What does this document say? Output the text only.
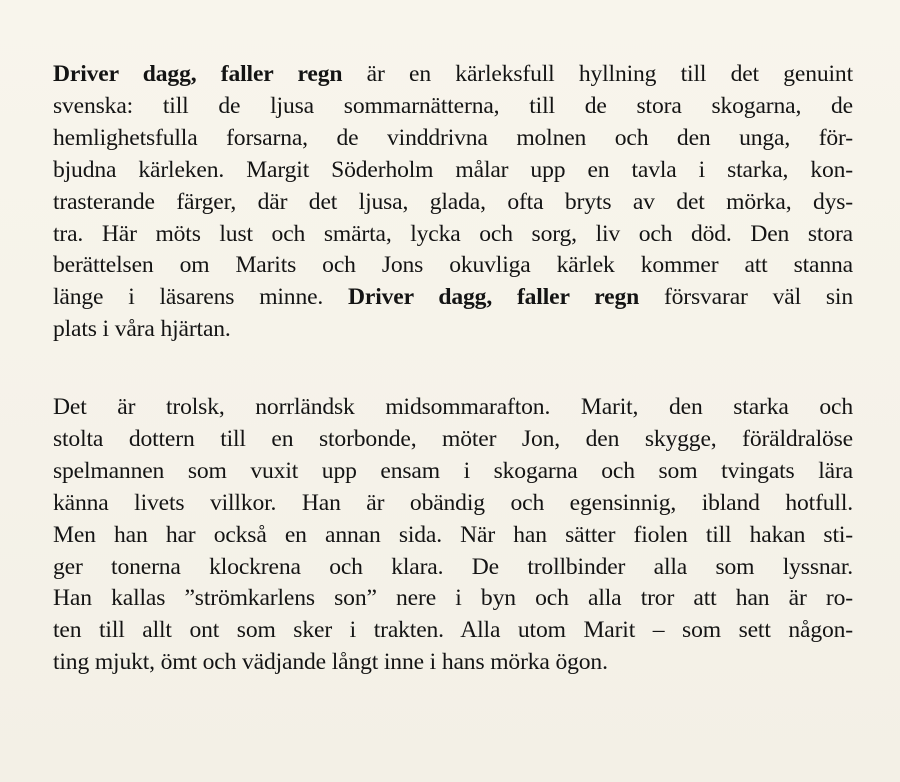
Driver dagg, faller regn är en kärleksfull hyllning till det genuint
svenska: till de ljusa sommarnätterna, till de stora skogarna, de
hemlighetsfulla forsarna, de vinddrivna molnen och den unga, för-
bjudna kärleken. Margit Söderholm målar upp en tavla i starka, kon-
trasterande färger, där det ljusa, glada, ofta bryts av det mörka, dys-
tra. Här möts lust och smärta, lycka och sorg, liv och död. Den stora
berättelsen om Marits och Jons okuvliga kärlek kommer att stanna
länge i läsarens minne. Driver dagg, faller regn försvarar väl sin
plats i våra hjärtan.
Det är trolsk, norrländsk midsommarafton. Marit, den starka och
stolta dottern till en storbonde, möter Jon, den skygge, föräldralöse
spelmannen som vuxit upp ensam i skogarna och som tvingats lära
känna livets villkor. Han är obändig och egensinnig, ibland hotfull.
Men han har också en annan sida. När han sätter fiolen till hakan sti-
ger tonerna klockrena och klara. De trollbinder alla som lyssnar.
Han kallas ”strömkarlens son” nere i byn och alla tror att han är ro-
ten till allt ont som sker i trakten. Alla utom Marit – som sett någon-
ting mjukt, ömt och vädjande långt inne i hans mörka ögon.
